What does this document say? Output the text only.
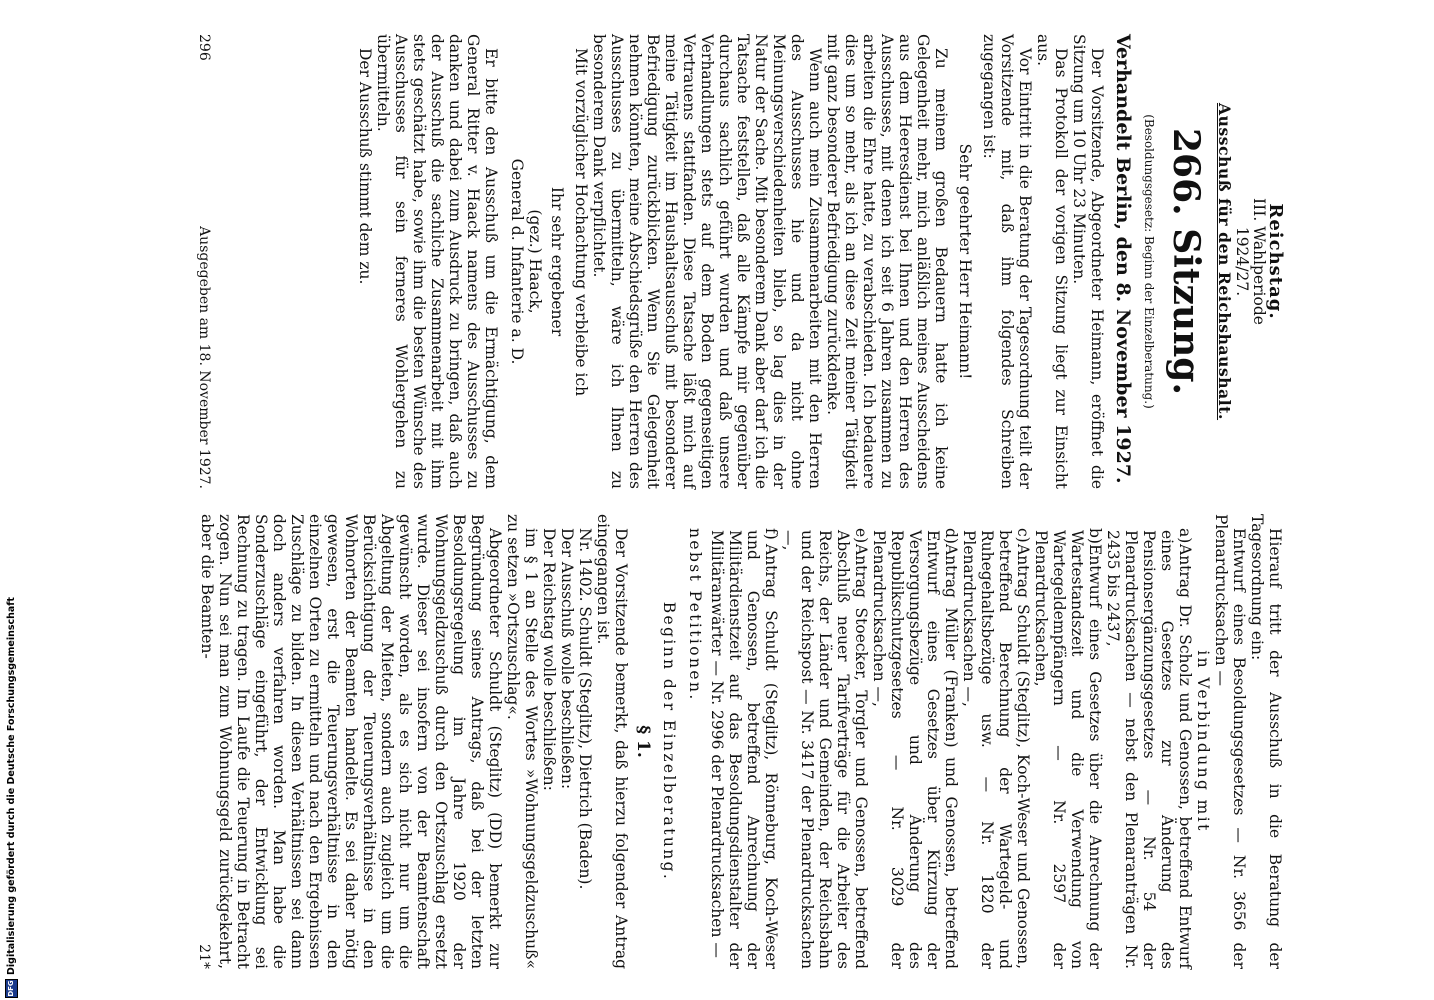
DFG
Digitalisierung gefördert durch die Deutsche Forschungsgemeinschaft
Reichstag.
III. Wahlperiode
1924/27.
Ausschuß für den Reichshaushalt.
266. Sitzung.
(Besoldungsgesetz: Beginn der Einzelberatung.)
Verhandelt Berlin, den 8. November 1927.

Der Vorsitzende, Abgeordneter Heimann, eröffnet die Sitzung um 10 Uhr 23 Minuten.

Das Protokoll der vorigen Sitzung liegt zur Einsicht aus.

Vor Eintritt in die Beratung der Tagesordnung teilt der Vorsitzende mit, daß ihm folgendes Schreiben zugegangen ist:

Sehr geehrter Herr Heimann!

Zu meinem großen Bedauern hatte ich keine Gelegenheit mehr, mich anläßlich meines Ausscheidens aus dem Heeresdienst bei Ihnen und den Herren des Ausschusses, mit denen ich seit 6 Jahren zusammen zu arbeiten die Ehre hatte, zu verabschieden. Ich bedauere dies um so mehr, als ich an diese Zeit meiner Tätigkeit mit ganz besonderer Befriedigung zurückdenke.

Wenn auch mein Zusammenarbeiten mit den Herren des Ausschusses hie und da nicht ohne Meinungsverschiedenheiten blieb, so lag dies in der Natur der Sache. Mit besonderem Dank aber darf ich die Tatsache feststellen, daß alle Kämpfe mir gegenüber durchaus sachlich geführt wurden und daß unsere Verhandlungen stets auf dem Boden gegenseitigen Vertrauens stattfanden. Diese Tatsache läßt mich auf meine Tätigkeit im Haushaltsausschuß mit besonderer Befriedigung zurückblicken. Wenn Sie Gelegenheit nehmen könnten, meine Abschiedsgrüße den Herren des Ausschusses zu übermitteln, wäre ich Ihnen zu besonderem Dank verpflichtet.

Mit vorzüglicher Hochachtung verbleibe ich

Ihr sehr ergebener

(gez.) Haack,

General d. Infanterie a. D.

Er bitte den Ausschuß um die Ermächtigung, dem General Ritter v. Haack namens des Ausschusses zu danken und dabei zum Ausdruck zu bringen, daß auch der Ausschuß die sachliche Zusammenarbeit mit ihm stets geschätzt habe, sowie ihm die besten Wünsche des Ausschusses für sein ferneres Wohlergehen zu übermitteln.

Der Ausschuß stimmt dem zu.

Hierauf tritt der Ausschuß in die Beratung der Tagesordnung ein:

Entwurf eines Besoldungsgesetzes — Nr. 3656 der Plenardrucksachen —

in Verbindung mit

a)
Antrag Dr. Scholz und Genossen, betreffend Entwurf eines Gesetzes zur Änderung des Pensionsergänzungsgesetzes — Nr. 54 der Plenardrucksachen — nebst den Plenaranträgen Nr. 2435 bis 2437,

b)
Entwurf eines Gesetzes über die Anrechnung der Wartestandszeit und die Verwendung von Wartegeldempfängern — Nr. 2597 der Plenardrucksachen,

c)
Antrag Schuldt (Steglitz), Koch-Weser und Genossen, betreffend Berechnung der Wartegeld- und Ruhegehaltsbezüge usw. — Nr. 1820 der Plenardrucksachen —,

d)
Antrag Müller (Franken) und Genossen, betreffend Entwurf eines Gesetzes über Kürzung der Versorgungsbezüge und Änderung des Republikschutzgesetzes — Nr. 3029 der Plenardrucksachen —,

e)
Antrag Stoecker, Torgler und Genossen, betreffend Abschluß neuer Tarifverträge für die Arbeiter des Reichs, der Länder und Gemeinden, der Reichsbahn und der Reichspost — Nr. 3417 der Plenardrucksachen —,

f)
Antrag Schuldt (Steglitz), Rönneburg, Koch-Weser und Genossen, betreffend Anrechnung der Militärdienstzeit auf das Besoldungsdienstalter der Militäranwärter — Nr. 2996 der Plenardrucksachen —

nebst Petitionen.

Beginn der Einzelberatung.

§ 1.

Der Vorsitzende bemerkt, daß hierzu folgender Antrag eingegangen ist.

Nr. 1402. Schuldt (Steglitz), Dietrich (Baden).

Der Ausschuß wolle beschließen:

Der Reichstag wolle beschließen:

im § 1 an Stelle des Wortes »Wohnungsgeldzuschuß« zu setzen »Ortszuschlag«.

Abgeordneter Schuldt (Steglitz) (DD) bemerkt zur Begründung seines Antrags, daß bei der letzten Besoldungsregelung im Jahre 1920 der Wohnungsgeldzuschuß durch den Ortszuschlag ersetzt wurde. Dieser sei insofern von der Beamtenschaft gewünscht worden, als es sich nicht nur um die Abgeltung der Mieten, sondern auch zugleich um die Berücksichtigung der Teuerungsverhältnisse in den Wohnorten der Beamten handelte. Es sei daher nötig gewesen, erst die Teuerungsverhältnisse in den einzelnen Orten zu ermitteln und nach den Ergebnissen Zuschläge zu bilden. In diesen Verhältnissen sei dann doch anders verfahren worden. Man habe die Sonderzuschläge eingeführt, der Entwicklung sei Rechnung zu tragen. Im Laufe die Teuerung in Betracht zogen. Nun sei man zum Wohnungsgeld zurückgekehrt, aber die Beamten-

296
Ausgegeben am 18. November 1927.
21*
